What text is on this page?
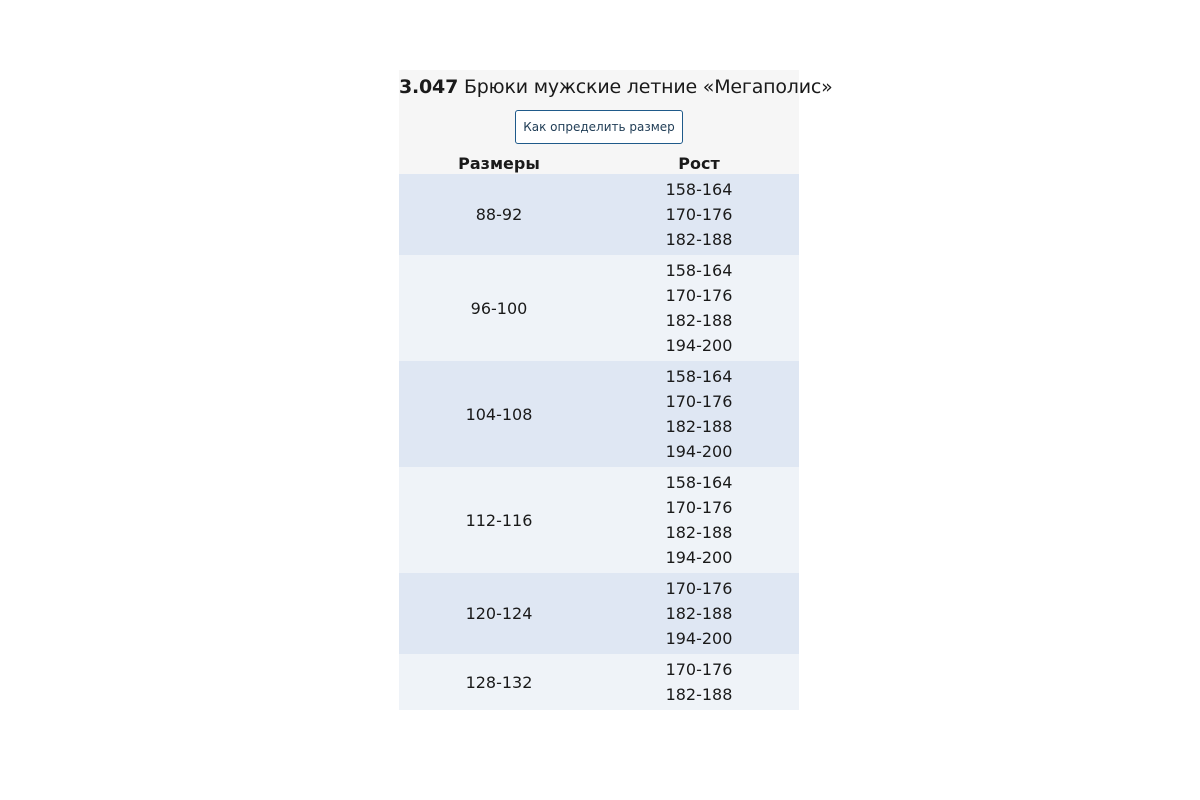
3.047 Брюки мужские летние «Мегаполис»
Как определить размер
Размеры	Рост
88-92	158-164
170-176
182-188

96-100	158-164
170-176
182-188
194-200

104-108	158-164
170-176
182-188
194-200

112-116	158-164
170-176
182-188
194-200

120-124	170-176
182-188
194-200

128-132	170-176
182-188
